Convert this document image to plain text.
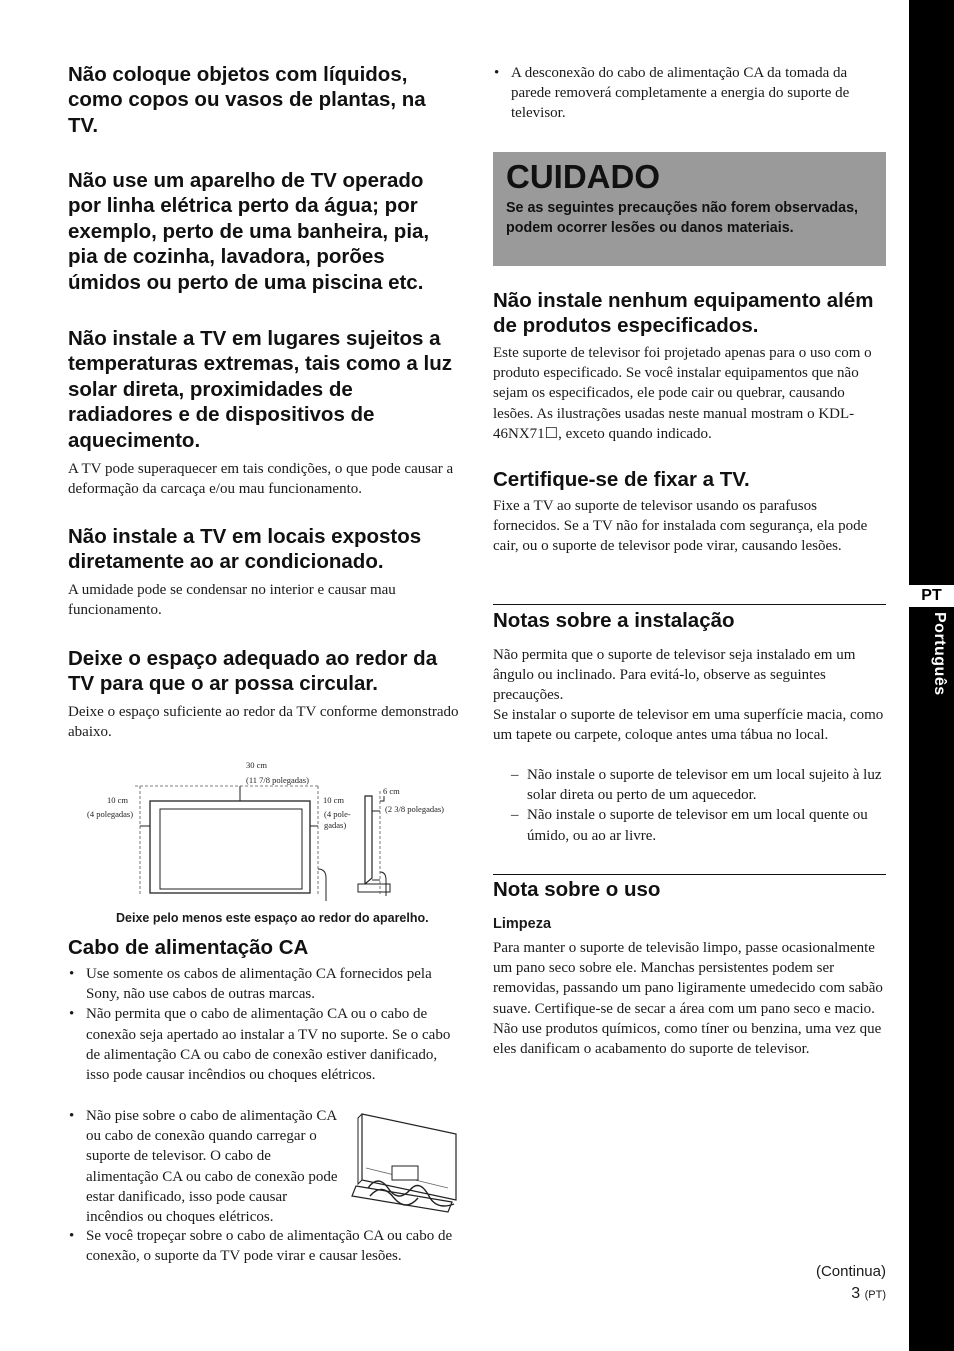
Não coloque objetos com líquidos, como copos ou vasos de plantas, na TV.
Não use um aparelho de TV operado por linha elétrica perto da água; por exemplo, perto de uma banheira, pia, pia de cozinha, lavadora, porões úmidos ou perto de uma piscina etc.
Não instale a TV em lugares sujeitos a temperaturas extremas, tais como a luz solar direta, proximidades de radiadores e de dispositivos de aquecimento.

A TV pode superaquecer em tais condições, o que pode causar a deformação da carcaça e/ou mau funcionamento.

Não instale a TV em locais expostos diretamente ao ar condicionado.

A umidade pode se condensar no interior e causar mau funcionamento.

Deixe o espaço adequado ao redor da TV para que o ar possa circular.

Deixe o espaço suficiente ao redor da TV conforme demonstrado abaixo.

30 cm
(11 7/8 polegadas)
10 cm
(4 polegadas)
10 cm
(4 pole-
gadas)
6 cm
(2 3/8 polegadas)

Deixe pelo menos este espaço ao redor do aparelho.

Cabo de alimentação CA
• Use somente os cabos de alimentação CA fornecidos pela Sony, não use cabos de outras marcas.
• Não permita que o cabo de alimentação CA ou o cabo de conexão seja apertado ao instalar a TV no suporte. Se o cabo de alimentação CA ou cabo de conexão estiver danificado, isso pode causar incêndios ou choques elétricos.
• Não pise sobre o cabo de alimentação CA ou cabo de conexão quando carregar o suporte de televisor. O cabo de alimentação CA ou cabo de conexão pode estar danificado, isso pode causar incêndios ou choques elétricos.
• Se você tropeçar sobre o cabo de alimentação CA ou cabo de conexão, o suporte da TV pode virar e causar lesões.
• A desconexão do cabo de alimentação CA da tomada da parede removerá completamente a energia do suporte de televisor.
CUIDADO

Se as seguintes precauções não forem observadas, podem ocorrer lesões ou danos materiais.

Não instale nenhum equipamento além de produtos especificados.

Este suporte de televisor foi projetado apenas para o uso com o produto especificado. Se você instalar equipamentos que não sejam os especificados, ele pode cair ou quebrar, causando lesões. As ilustrações usadas neste manual mostram o KDL-46NX71☐, exceto quando indicado.

Certifique-se de fixar a TV.

Fixe a TV ao suporte de televisor usando os parafusos fornecidos. Se a TV não for instalada com segurança, ela pode cair, ou o suporte de televisor pode virar, causando lesões.

Notas sobre a instalação

Não permita que o suporte de televisor seja instalado em um ângulo ou inclinado. Para evitá-lo, observe as seguintes precauções.

Se instalar o suporte de televisor em uma superfície macia, como um tapete ou carpete, coloque antes uma tábua no local.

– Não instale o suporte de televisor em um local sujeito à luz solar direta ou perto de um aquecedor.
– Não instale o suporte de televisor em um local quente ou úmido, ou ao ar livre.
Nota sobre o uso
Limpeza

Para manter o suporte de televisão limpo, passe ocasionalmente um pano seco sobre ele. Manchas persistentes podem ser removidas, passando um pano ligiramente umedecido com sabão suave. Certifique-se de secar a área com um pano seco e macio. Não use produtos químicos, como tíner ou benzina, uma vez que eles danificam o acabamento do suporte de televisor.

PT
Português
(Continua)
3 (PT)
